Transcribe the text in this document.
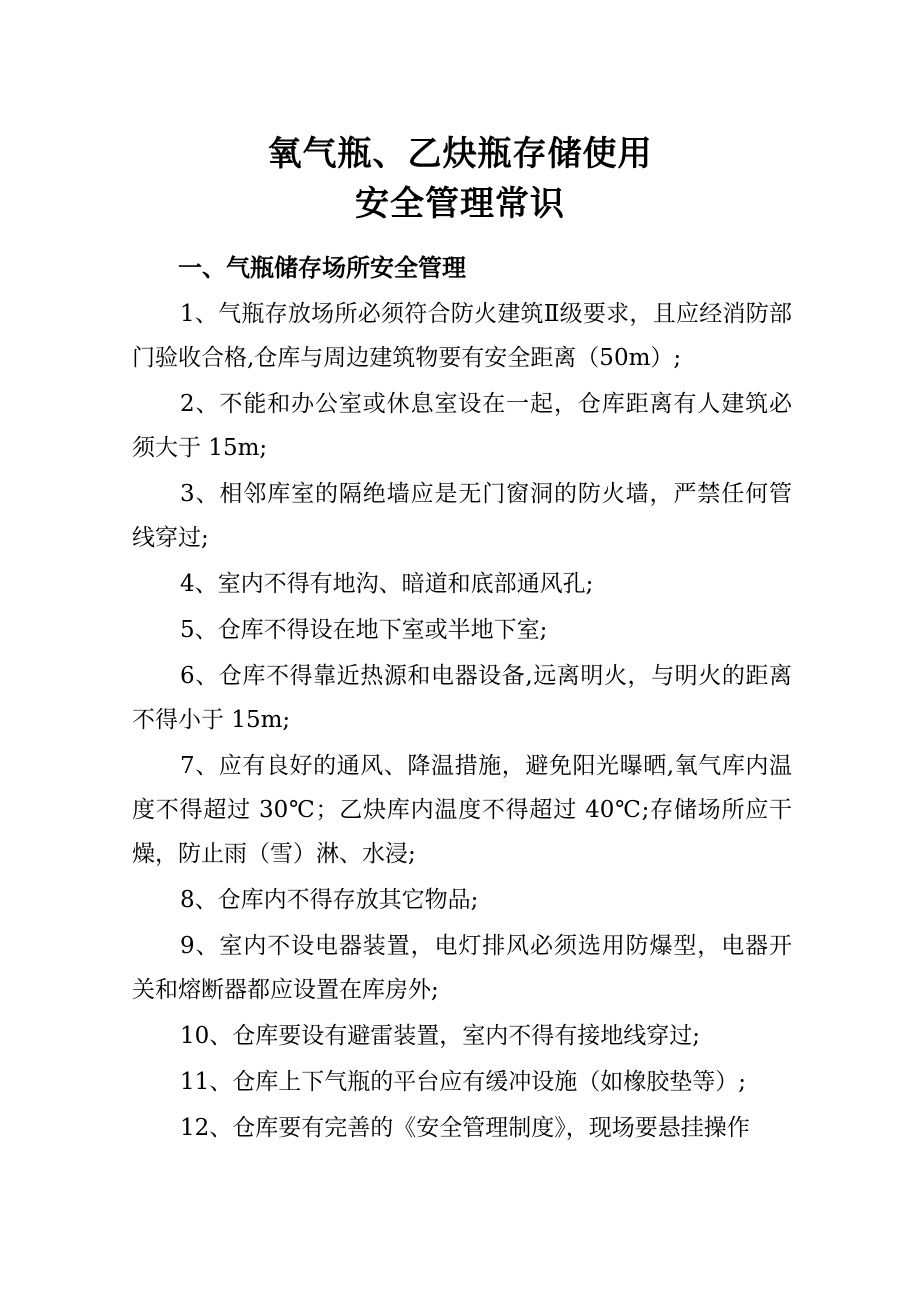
氧气瓶、乙炔瓶存储使用
安全管理常识
一、气瓶储存场所安全管理

1、气瓶存放场所必须符合防火建筑Ⅱ级要求，且应经消防部门验收合格,仓库与周边建筑物要有安全距离（50m）;

2、不能和办公室或休息室设在一起，仓库距离有人建筑必须大于 15m;

3、相邻库室的隔绝墙应是无门窗洞的防火墙，严禁任何管线穿过;

4、室内不得有地沟、暗道和底部通风孔;

5、仓库不得设在地下室或半地下室;

6、仓库不得靠近热源和电器设备,远离明火，与明火的距离不得小于 15m;

7、应有良好的通风、降温措施，避免阳光曝晒,氧气库内温度不得超过 30℃；乙炔库内温度不得超过 40℃;存储场所应干燥，防止雨（雪）淋、水浸;

8、仓库内不得存放其它物品;

9、室内不设电器装置，电灯排风必须选用防爆型，电器开关和熔断器都应设置在库房外;

10、仓库要设有避雷装置，室内不得有接地线穿过;

11、仓库上下气瓶的平台应有缓冲设施（如橡胶垫等）;

12、仓库要有完善的《安全管理制度》，现场要悬挂操作
